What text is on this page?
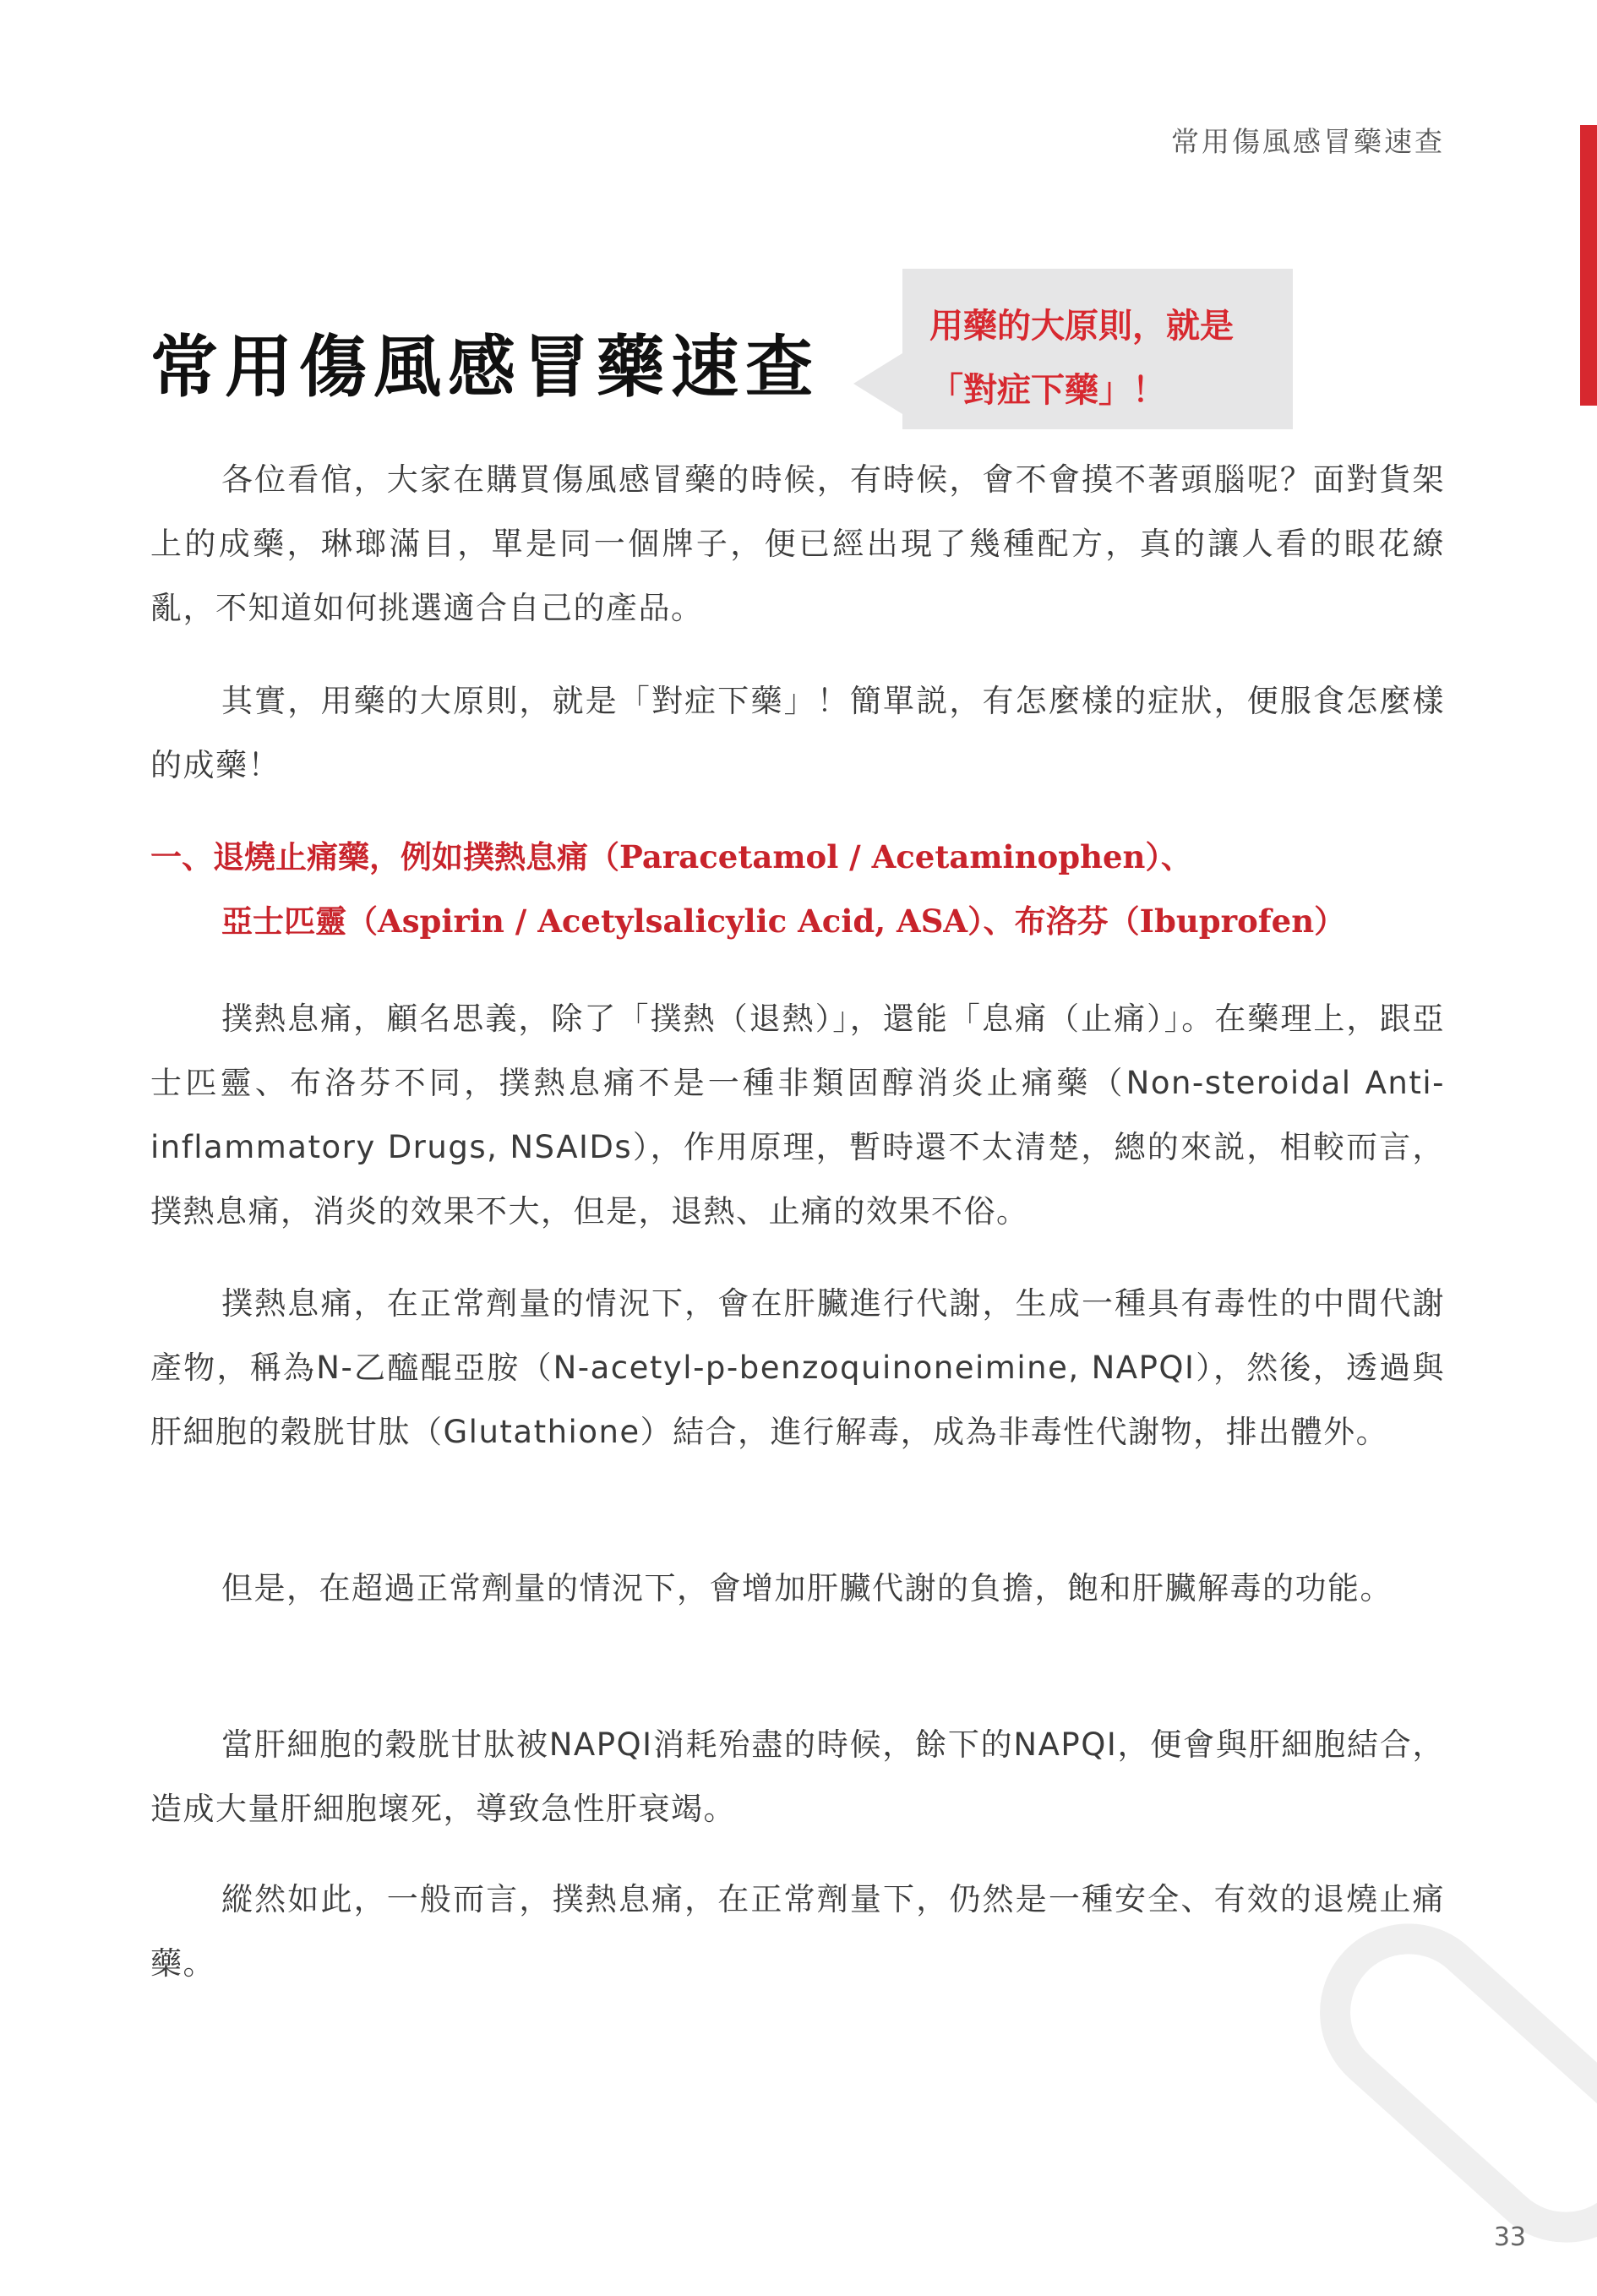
常用傷風感冒藥速查
常用傷風感冒藥速查
用藥的大原則，就是
「對症下藥」！

各位看倌，大家在購買傷風感冒藥的時候，有時候，會不會摸不著頭腦呢？面對貨架上的成藥，琳瑯滿目，單是同一個牌子，便已經出現了幾種配方，真的讓人看的眼花繚亂，不知道如何挑選適合自己的產品。

其實，用藥的大原則，就是「對症下藥」！簡單説，有怎麼樣的症狀，便服食怎麼樣的成藥！

一、退燒止痛藥，例如撲熱息痛（Paracetamol / Acetaminophen）、
亞士匹靈（Aspirin / Acetylsalicylic Acid, ASA）、布洛芬（Ibuprofen）

撲熱息痛，顧名思義，除了「撲熱（退熱）」，還能「息痛（止痛）」。在藥理上，跟亞士匹靈、布洛芬不同，撲熱息痛不是一種非類固醇消炎止痛藥（Non-steroidal Anti-inflammatory Drugs, NSAIDs），作用原理，暫時還不太清楚，總的來説，相較而言，撲熱息痛，消炎的效果不大，但是，退熱、止痛的效果不俗。

撲熱息痛，在正常劑量的情況下，會在肝臟進行代謝，生成一種具有毒性的中間代謝產物，稱為N-乙醯醌亞胺（N-acetyl-p-benzoquinoneimine, NAPQI），然後，透過與肝細胞的穀胱甘肽（Glutathione）結合，進行解毒，成為非毒性代謝物，排出體外。

但是，在超過正常劑量的情況下，會增加肝臟代謝的負擔，飽和肝臟解毒的功能。

當肝細胞的穀胱甘肽被NAPQI消耗殆盡的時候，餘下的NAPQI，便會與肝細胞結合，造成大量肝細胞壞死，導致急性肝衰竭。

縱然如此，一般而言，撲熱息痛，在正常劑量下，仍然是一種安全、有效的退燒止痛藥。

33
